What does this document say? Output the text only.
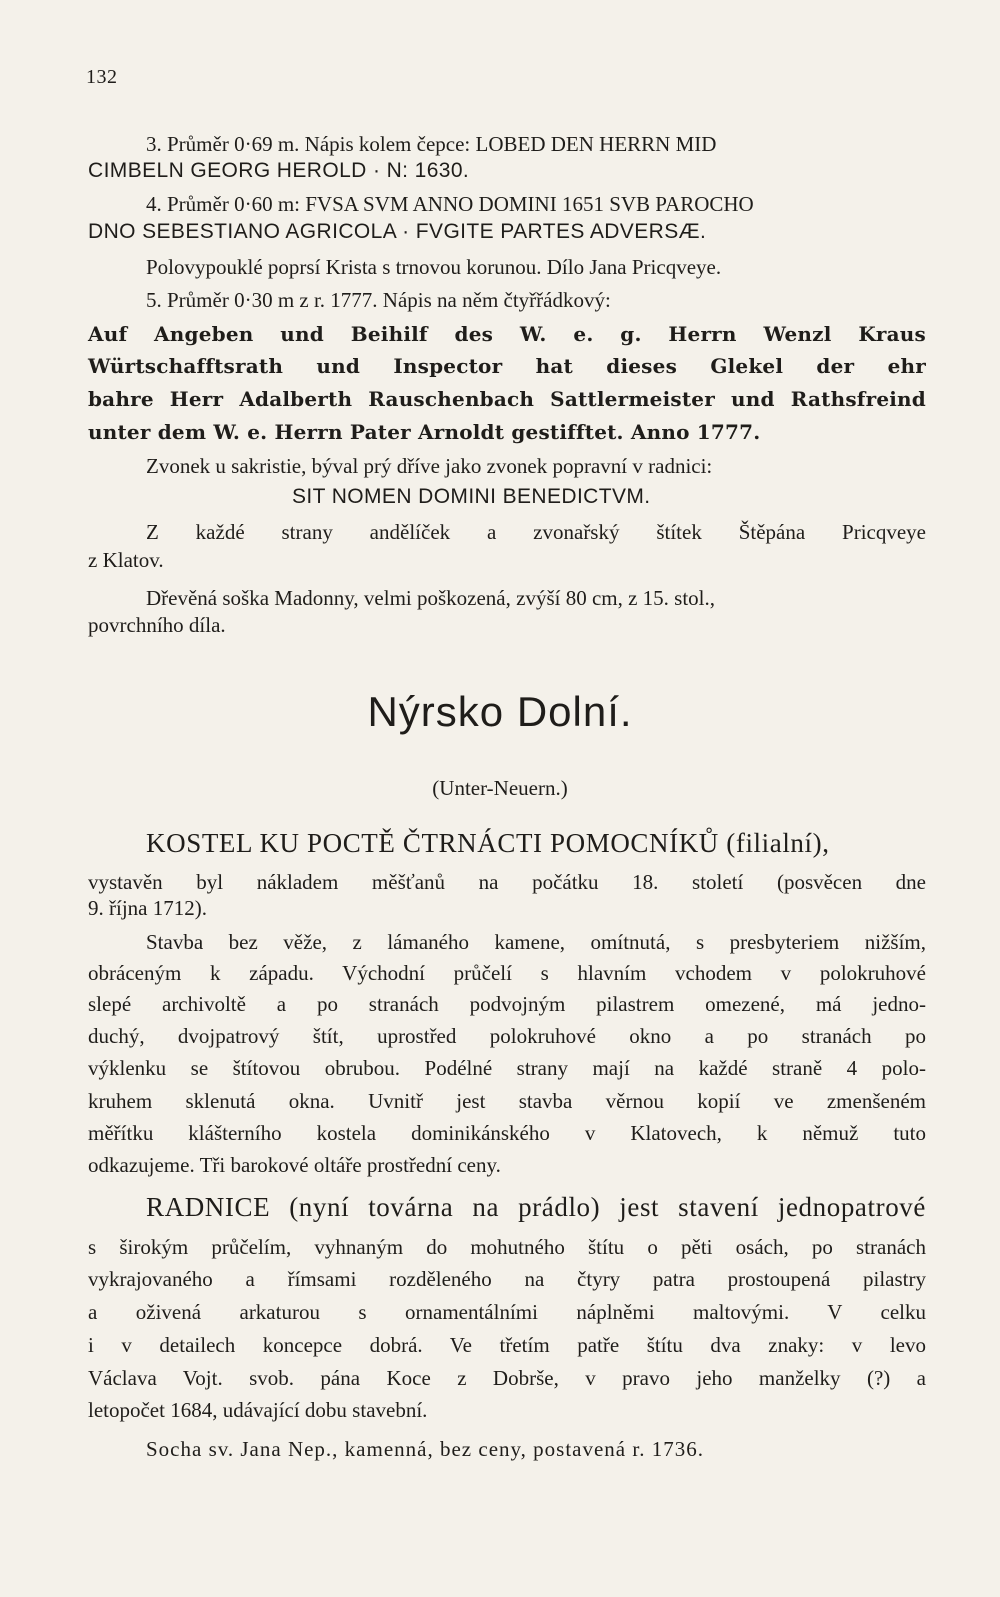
132
3. Průměr 0·69 m. Nápis kolem čepce: LOBED DEN HERRN MID
CIMBELN GEORG HEROLD · N: 1630.
4. Průměr 0·60 m: FVSA SVM ANNO DOMINI 1651 SVB PAROCHO
DNO SEBESTIANO AGRICOLA · FVGITE PARTES ADVERSÆ.
Polovypouklé poprsí Krista s trnovou korunou. Dílo Jana Pricqveye.
5. Průměr 0·30 m z r. 1777. Nápis na něm čtyřřádkový:
Auf Angeben und Beihilf des W. e. g. Herrn Wenzl Kraus
Würtschafftsrath und Inspector hat dieses Glekel der ehr
bahre Herr Adalberth Rauschenbach Sattlermeister und Rathsfreind
unter dem W. e. Herrn Pater Arnoldt gestifftet. Anno 1777.
Zvonek u sakristie, býval prý dříve jako zvonek popravní v radnici:
SIT NOMEN DOMINI BENEDICTVM.
Z každé strany andělíček a zvonařský štítek Štěpána Pricqveye
z Klatov.
Dřevěná soška Madonny, velmi poškozená, zvýší 80 cm, z 15. stol.,
povrchního díla.
Nýrsko Dolní.
(Unter-Neuern.)
KOSTEL KU POCTĚ ČTRNÁCTI POMOCNÍKŮ (filialní),
vystavěn byl nákladem měšťanů na počátku 18. století (posvěcen dne
9. října 1712).
Stavba bez věže, z lámaného kamene, omítnutá, s presbyteriem nižším,
obráceným k západu. Východní průčelí s hlavním vchodem v polokruhové
slepé archivoltě a po stranách podvojným pilastrem omezené, má jedno-
duchý, dvojpatrový štít, uprostřed polokruhové okno a po stranách po
výklenku se štítovou obrubou. Podélné strany mají na každé straně 4 polo-
kruhem sklenutá okna. Uvnitř jest stavba věrnou kopií ve zmenšeném
měřítku klášterního kostela dominikánského v Klatovech, k němuž tuto
odkazujeme. Tři barokové oltáře prostřední ceny.
RADNICE (nyní továrna na prádlo) jest stavení jednopatrové
s širokým průčelím, vyhnaným do mohutného štítu o pěti osách, po stranách
vykrajovaného a římsami rozděleného na čtyry patra prostoupená pilastry
a oživená arkaturou s ornamentálními náplněmi maltovými. V celku
i v detailech koncepce dobrá. Ve třetím patře štítu dva znaky: v levo
Václava Vojt. svob. pána Koce z Dobrše, v pravo jeho manželky (?) a
letopočet 1684, udávající dobu stavební.
Socha sv. Jana Nep., kamenná, bez ceny, postavená r. 1736.
